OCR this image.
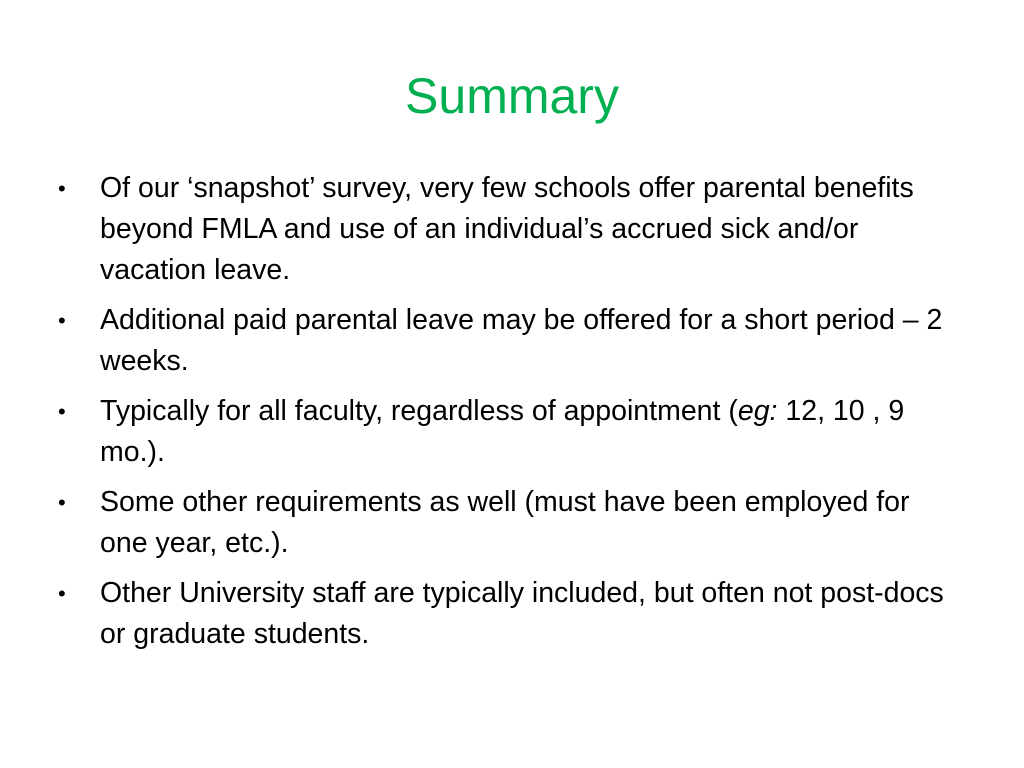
Summary
•	Of our ‘snapshot’ survey, very few schools offer parental benefits beyond FMLA and use of an individual’s accrued sick and/or vacation leave.
•	Additional paid parental leave may be offered for a short period – 2 weeks.
•	Typically for all faculty, regardless of appointment (eg: 12, 10 , 9 mo.).
•	Some other requirements as well (must have been employed for one year, etc.).
•	Other University staff are typically included, but often not post-docs or graduate students.
